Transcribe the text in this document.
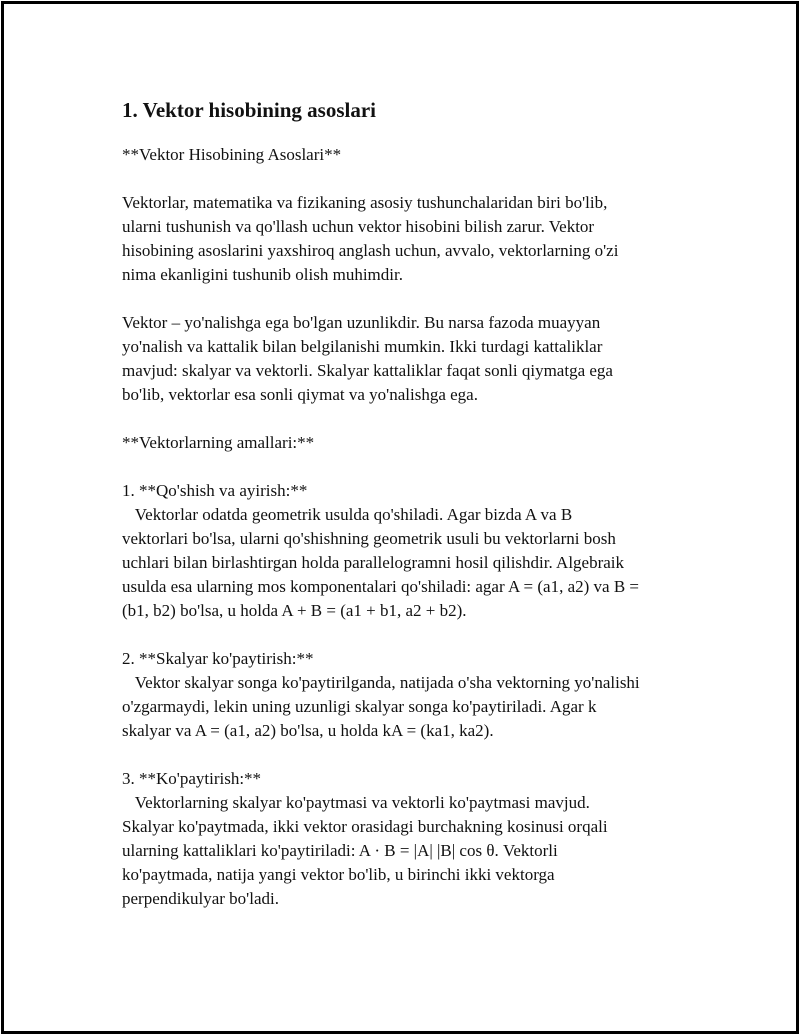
1. Vektor hisobining asoslari

**Vektor Hisobining Asoslari**

Vektorlar, matematika va fizikaning asosiy tushunchalaridan biri bo'lib,
ularni tushunish va qo'llash uchun vektor hisobini bilish zarur. Vektor
hisobining asoslarini yaxshiroq anglash uchun, avvalo, vektorlarning o'zi
nima ekanligini tushunib olish muhimdir.

Vektor – yo'nalishga ega bo'lgan uzunlikdir. Bu narsa fazoda muayyan
yo'nalish va kattalik bilan belgilanishi mumkin. Ikki turdagi kattaliklar
mavjud: skalyar va vektorli. Skalyar kattaliklar faqat sonli qiymatga ega
bo'lib, vektorlar esa sonli qiymat va yo'nalishga ega.

**Vektorlarning amallari:**

1. **Qo'shish va ayirish:**
Vektorlar odatda geometrik usulda qo'shiladi. Agar bizda A va B
vektorlari bo'lsa, ularni qo'shishning geometrik usuli bu vektorlarni bosh
uchlari bilan birlashtirgan holda parallelogramni hosil qilishdir. Algebraik
usulda esa ularning mos komponentalari qo'shiladi: agar A = (a1, a2) va B =
(b1, b2) bo'lsa, u holda A + B = (a1 + b1, a2 + b2).

2. **Skalyar ko'paytirish:**
Vektor skalyar songa ko'paytirilganda, natijada o'sha vektorning yo'nalishi
o'zgarmaydi, lekin uning uzunligi skalyar songa ko'paytiriladi. Agar k
skalyar va A = (a1, a2) bo'lsa, u holda kA = (ka1, ka2).

3. **Ko'paytirish:**
Vektorlarning skalyar ko'paytmasi va vektorli ko'paytmasi mavjud.
Skalyar ko'paytmada, ikki vektor orasidagi burchakning kosinusi orqali
ularning kattaliklari ko'paytiriladi: A · B = |A| |B| cos θ. Vektorli
ko'paytmada, natija yangi vektor bo'lib, u birinchi ikki vektorga
perpendikulyar bo'ladi.
